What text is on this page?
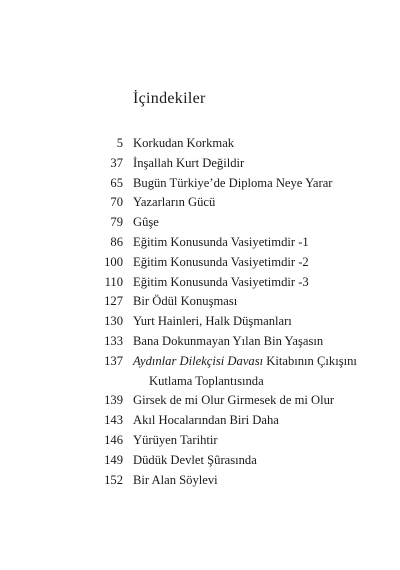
İçindekiler
5 Korkudan Korkmak
37 İnşallah Kurt Değildir
65 Bugün Türkiye’de Diploma Neye Yarar
70 Yazarların Gücü
79 Gûşe
86 Eğitim Konusunda Vasiyetimdir -1
100 Eğitim Konusunda Vasiyetimdir -2
110 Eğitim Konusunda Vasiyetimdir -3
127 Bir Ödül Konuşması
130 Yurt Hainleri, Halk Düşmanları
133 Bana Dokunmayan Yılan Bin Yaşasın
137 Aydınlar Dilekçisi Davası Kitabının Çıkışını
Kutlama Toplantısında
139 Girsek de mi Olur Girmesek de mi Olur
143 Akıl Hocalarından Biri Daha
146 Yürüyen Tarihtir
149 Düdük Devlet Şûrasında
152 Bir Alan Söylevi
